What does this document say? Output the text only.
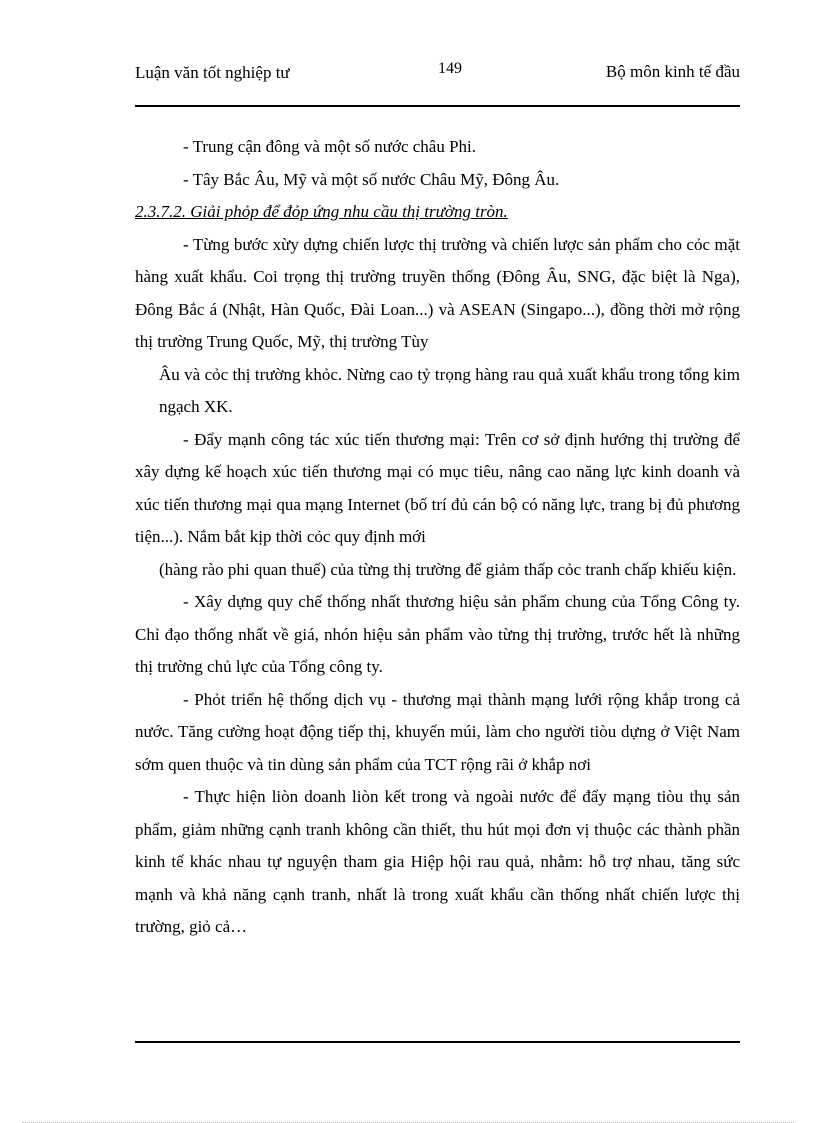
Luận văn tốt nghiệp tư	149	Bộ môn kinh tế đầu

- Trung cận đông và một số nước châu Phi.

- Tây Bắc Âu, Mỹ và một số nước Châu Mỹ, Đông Âu.

2.3.7.2. Giải phỏp để đỏp ứng nhu cầu thị trường tròn.

- Từng bước xừy dựng chiến lược thị trường và chiến lược sản phẩm cho cỏc mặt hàng xuất khẩu. Coi trọng thị trường truyền thống (Đông Âu, SNG, đặc biệt là Nga), Đông Bắc á (Nhật, Hàn Quốc, Đài Loan...) và ASEAN (Singapo...), đồng thời mở rộng thị trường Trung Quốc, Mỹ, thị trường Tùy

Âu và cỏc thị trường khỏc. Nừng cao tỷ trọng hàng rau quả xuất khẩu trong tổng kim ngạch XK.

- Đẩy mạnh công tác xúc tiến thương mại: Trên cơ sở định hướng thị trường để xây dựng kế hoạch xúc tiến thương mại có mục tiêu, nâng cao năng lực kinh doanh và xúc tiến thương mại qua mạng Internet (bố trí đủ cán bộ có năng lực, trang bị đủ phương tiện...). Nắm bắt kịp thời cỏc quy định mới

(hàng rào phi quan thuế) của từng thị trường để giảm thấp cỏc tranh chấp khiếu kiện.

- Xây dựng quy chế thống nhất thương hiệu sản phẩm chung của Tổng Công ty. Chỉ đạo thống nhất về giá, nhón hiệu sản phẩm vào từng thị trường, trước hết là những thị trường chủ lực của Tổng công ty.

- Phỏt triển hệ thống dịch vụ - thương mại thành mạng lưới rộng khắp trong cả nước. Tăng cường hoạt động tiếp thị, khuyến múi, làm cho người tiòu dựng ở Việt Nam sớm quen thuộc và tin dùng sản phẩm của TCT rộng rãi ở khắp nơi

- Thực hiện liòn doanh liòn kết trong và ngoài nước để đẩy mạng tiòu thụ sản phẩm, giảm những cạnh tranh không cần thiết, thu hút mọi đơn vị thuộc các thành phần kinh tế khác nhau tự nguyện tham gia Hiệp hội rau quả, nhằm: hỗ trợ nhau, tăng sức mạnh và khả năng cạnh tranh, nhất là trong xuất khẩu cần thống nhất chiến lược thị trường, giỏ cả…
